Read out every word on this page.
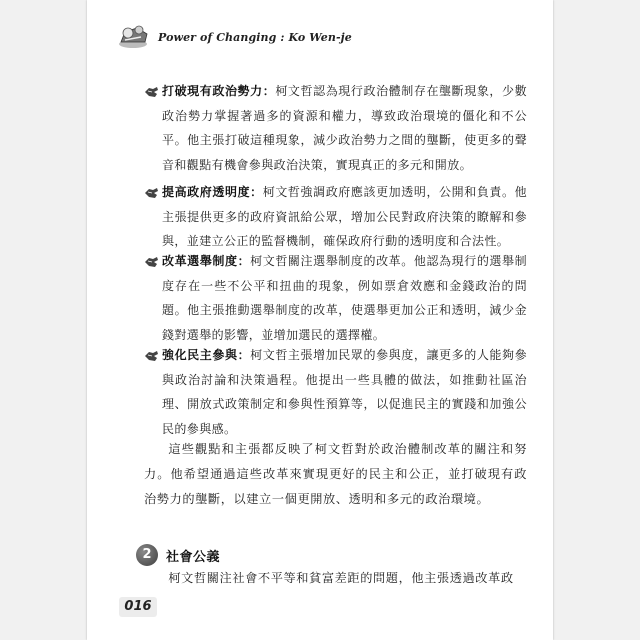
Power of Changing : Ko Wen-je
打破現有政治勢力：柯文哲認為現行政治體制存在壟斷現象，少數政治勢力掌握著過多的資源和權力，導致政治環境的僵化和不公平。他主張打破這種現象，減少政治勢力之間的壟斷，使更多的聲音和觀點有機會參與政治決策，實現真正的多元和開放。
提高政府透明度：柯文哲強調政府應該更加透明，公開和負責。他主張提供更多的政府資訊給公眾，增加公民對政府決策的瞭解和參與，並建立公正的監督機制，確保政府行動的透明度和合法性。
改革選舉制度：柯文哲關注選舉制度的改革。他認為現行的選舉制度存在一些不公平和扭曲的現象，例如票倉效應和金錢政治的問題。他主張推動選舉制度的改革，使選舉更加公正和透明，減少金錢對選舉的影響，並增加選民的選擇權。
強化民主參與：柯文哲主張增加民眾的參與度，讓更多的人能夠參與政治討論和決策過程。他提出一些具體的做法，如推動社區治理、開放式政策制定和參與性預算等，以促進民主的實踐和加強公民的參與感。
這些觀點和主張都反映了柯文哲對於政治體制改革的關注和努力。他希望通過這些改革來實現更好的民主和公正，並打破現有政治勢力的壟斷，以建立一個更開放、透明和多元的政治環境。
2	社會公義
柯文哲關注社會不平等和貧富差距的問題，他主張透過改革政
016
